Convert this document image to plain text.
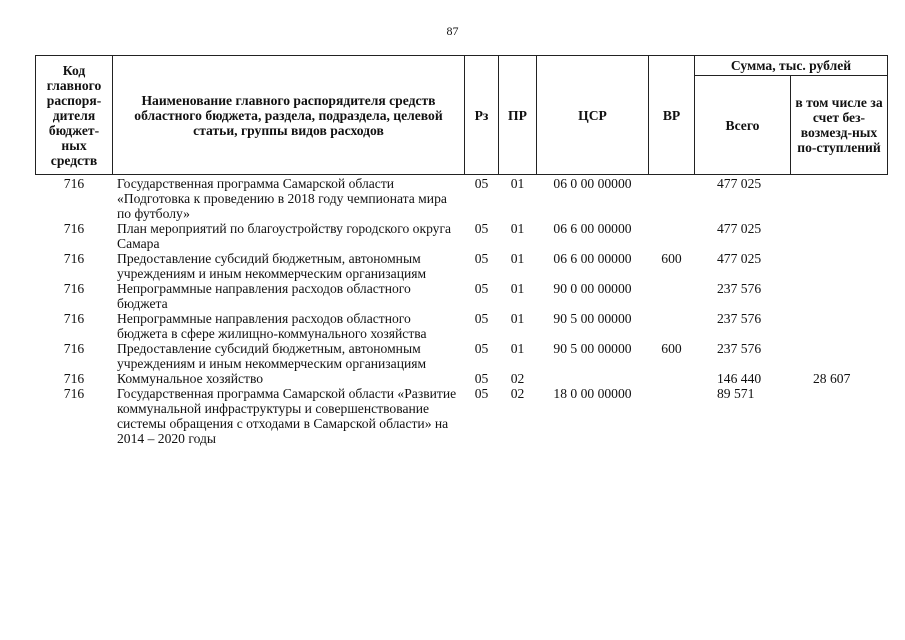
87
Код главного распоря-дителя бюджет-ных средств	Наименование главного распорядителя средств областного бюджета, раздела, подраздела, целевой статьи, группы видов расходов	Рз	ПР	ЦСР	ВР	Сумма, тыс. рублей	
						Всего	в том числе за счет без-возмезд-ных по-ступлений
716	Государственная программа Самарской области «Подготовка к проведению в 2018 году чемпионата мира по футболу»	05	01	06 0 00 00000		477 025	
716	План мероприятий по благоустройству городского округа Самара	05	01	06 6 00 00000		477 025	
716	Предоставление субсидий бюджетным, автономным учреждениям и иным некоммерческим организациям	05	01	06 6 00 00000	600	477 025	
716	Непрограммные направления расходов областного бюджета	05	01	90 0 00 00000		237 576	
716	Непрограммные направления расходов областного бюджета в сфере жилищно-коммунального хозяйства	05	01	90 5 00 00000		237 576	
716	Предоставление субсидий бюджетным, автономным учреждениям и иным некоммерческим организациям	05	01	90 5 00 00000	600	237 576	
716	Коммунальное хозяйство	05	02			146 440	28 607
716	Государственная программа Самарской области «Развитие коммунальной инфраструктуры и совершенствование системы обращения с отходами в Самарской области» на 2014 – 2020 годы	05	02	18 0 00 00000		89 571	
